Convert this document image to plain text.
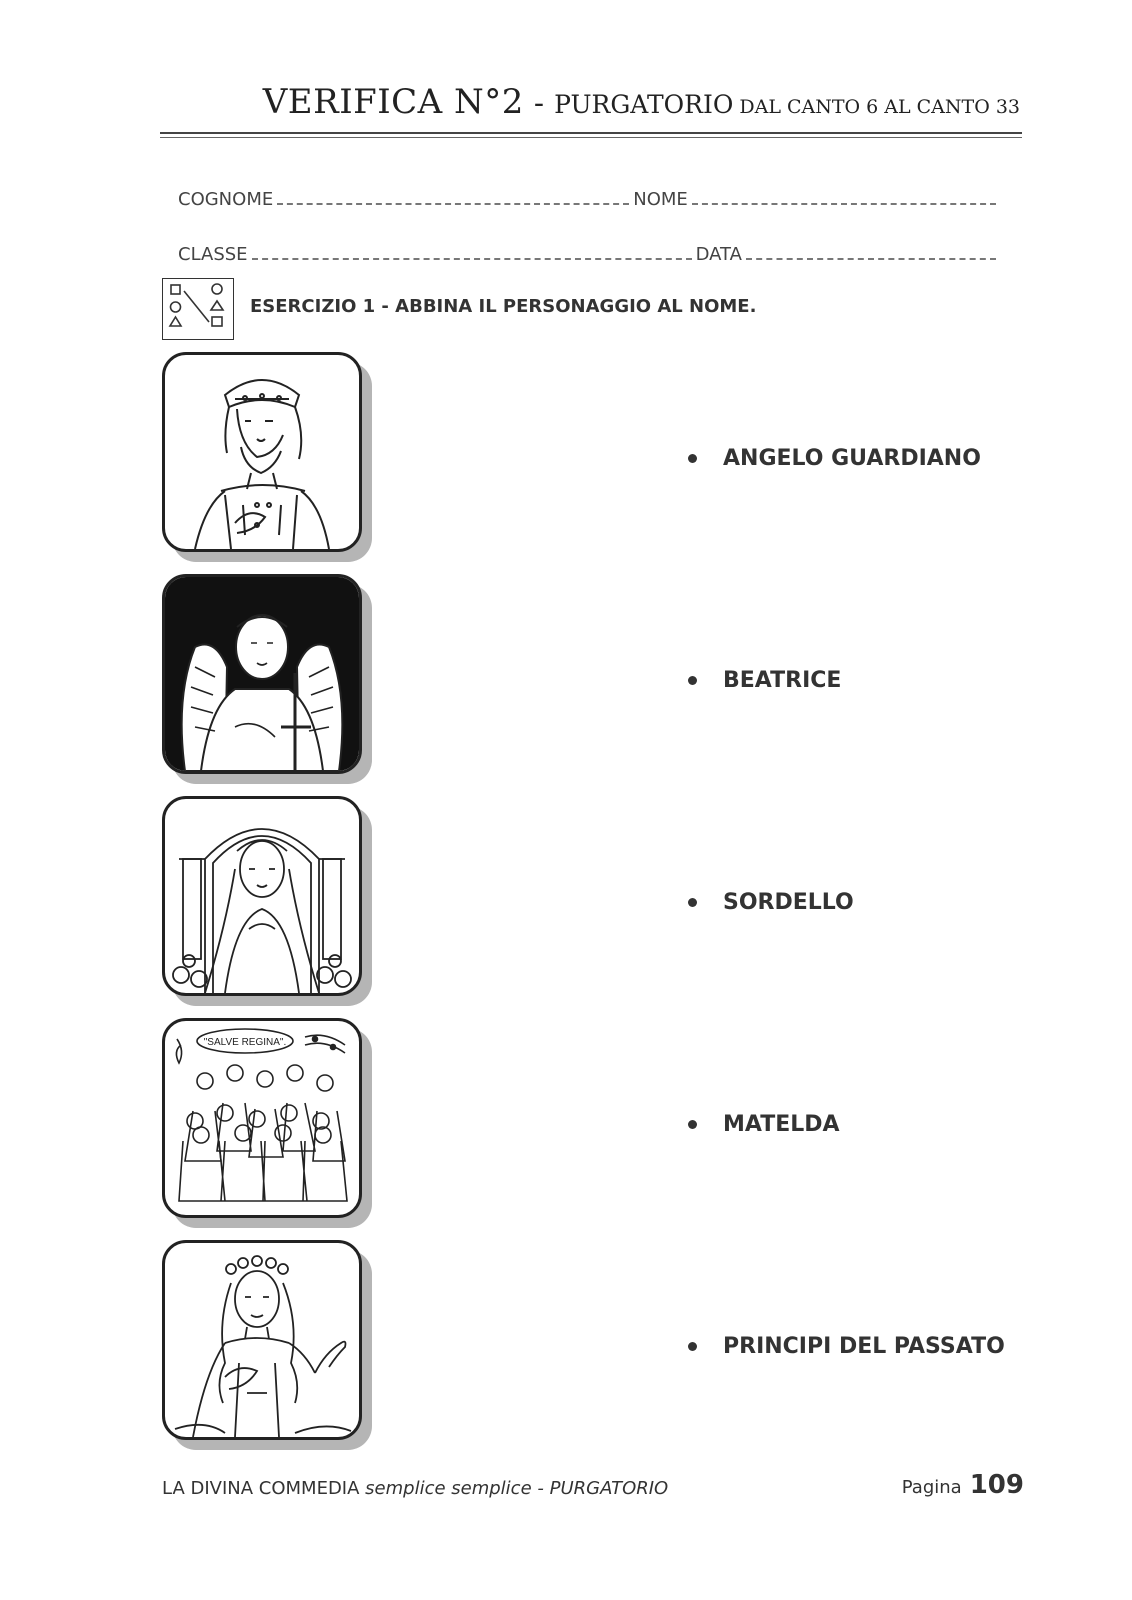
VERIFICA N°2 - PURGATORIO DAL CANTO 6 AL CANTO 33
COGNOME	NOME
CLASSE	DATA
ESERCIZIO 1 - ABBINA IL PERSONAGGIO AL NOME.
"SALVE REGINA".
ANGELO GUARDIANO
BEATRICE
SORDELLO
MATELDA
PRINCIPI DEL PASSATO
LA DIVINA COMMEDIA semplice semplice - PURGATORIO	Pagina 109
